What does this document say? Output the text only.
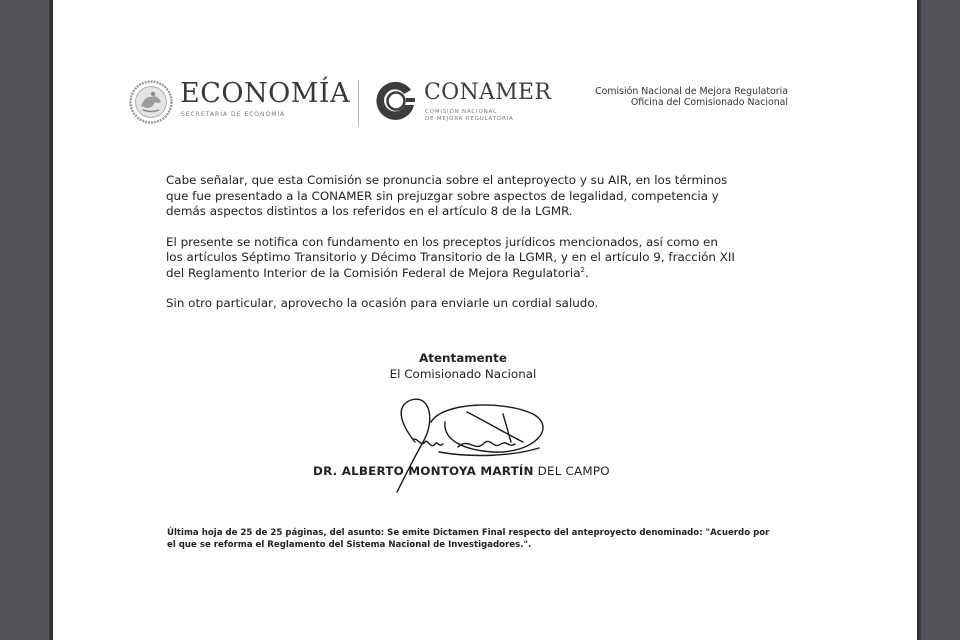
ECONOMÍA
SECRETARÍA DE ECONOMÍA
CONAMER
COMISIÓN NACIONAL
DE MEJORA REGULATORIA
Comisión Nacional de Mejora Regulatoria
Oficina del Comisionado Nacional

Cabe señalar, que esta Comisión se pronuncia sobre el anteproyecto y su AIR, en los términos
que fue presentado a la CONAMER sin prejuzgar sobre aspectos de legalidad, competencia y
demás aspectos distintos a los referidos en el artículo 8 de la LGMR.

El presente se notifica con fundamento en los preceptos jurídicos mencionados, así como en
los artículos Séptimo Transitorio y Décimo Transitorio de la LGMR, y en el artículo 9, fracción XII
del Reglamento Interior de la Comisión Federal de Mejora Regulatoria$^2$.

Sin otro particular, aprovecho la ocasión para enviarle un cordial saludo.

Atentamente
El Comisionado Nacional
DR. ALBERTO MONTOYA MARTÍN DEL CAMPO
Última hoja de 25 de 25 páginas, del asunto: Se emite Dictamen Final respecto del anteproyecto denominado: "Acuerdo por
el que se reforma el Reglamento del Sistema Nacional de Investigadores.".
